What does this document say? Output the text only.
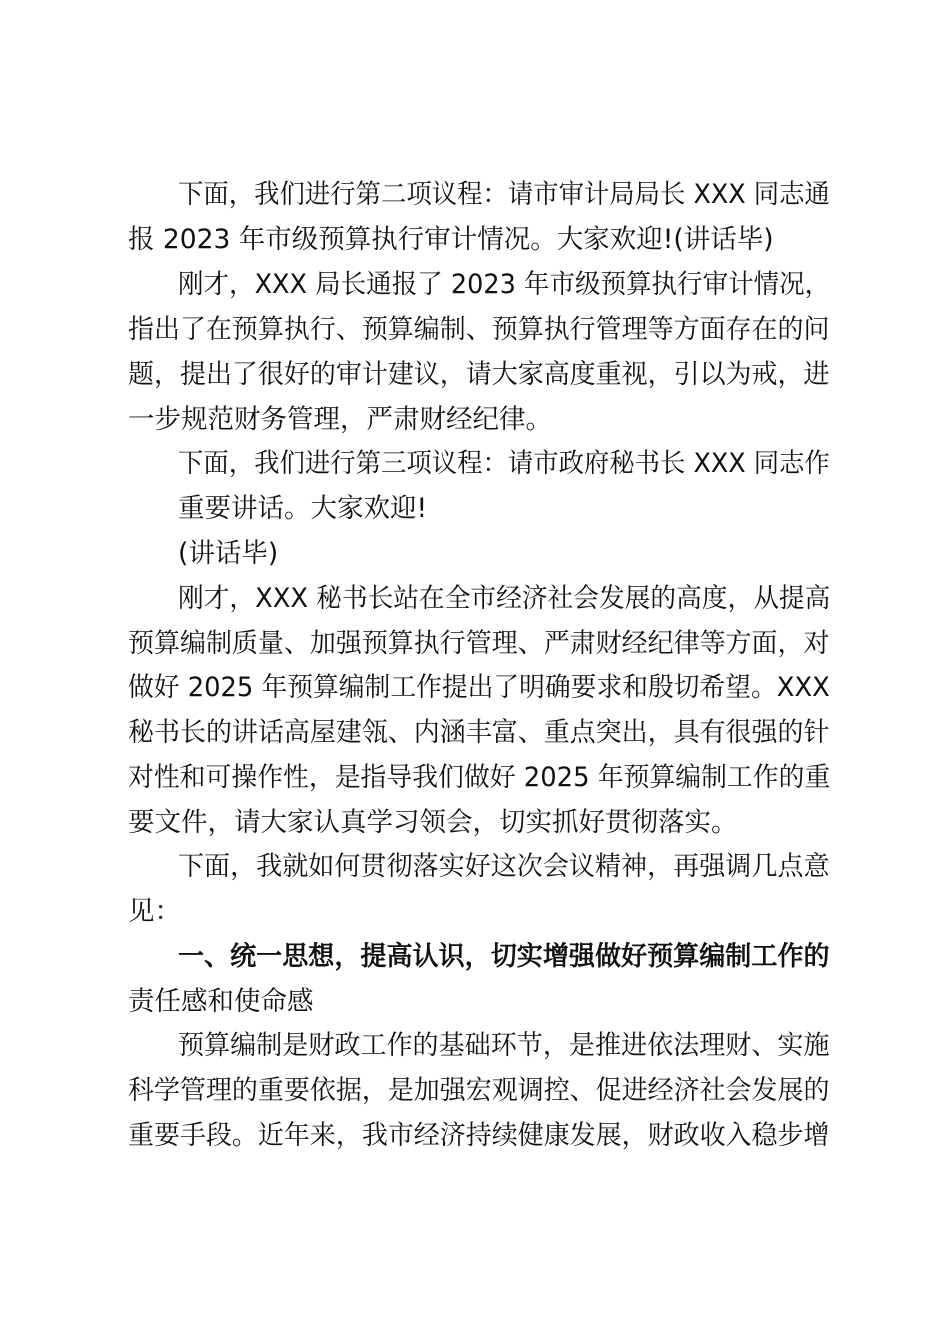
下面，我们进行第二项议程：请市审计局局长 XXX 同志通
报 2023 年市级预算执行审计情况。大家欢迎!(讲话毕)
刚才，XXX 局长通报了 2023 年市级预算执行审计情况，
指出了在预算执行、预算编制、预算执行管理等方面存在的问
题，提出了很好的审计建议，请大家高度重视，引以为戒，进
一步规范财务管理，严肃财经纪律。
下面，我们进行第三项议程：请市政府秘书长 XXX 同志作
重要讲话。大家欢迎!
(讲话毕)
刚才，XXX 秘书长站在全市经济社会发展的高度，从提高
预算编制质量、加强预算执行管理、严肃财经纪律等方面，对
做好 2025 年预算编制工作提出了明确要求和殷切希望。XXX
秘书长的讲话高屋建瓴、内涵丰富、重点突出，具有很强的针
对性和可操作性，是指导我们做好 2025 年预算编制工作的重
要文件，请大家认真学习领会，切实抓好贯彻落实。
下面，我就如何贯彻落实好这次会议精神，再强调几点意
见：
一、统一思想，提高认识，切实增强做好预算编制工作的
责任感和使命感
预算编制是财政工作的基础环节，是推进依法理财、实施
科学管理的重要依据，是加强宏观调控、促进经济社会发展的
重要手段。近年来，我市经济持续健康发展，财政收入稳步增
